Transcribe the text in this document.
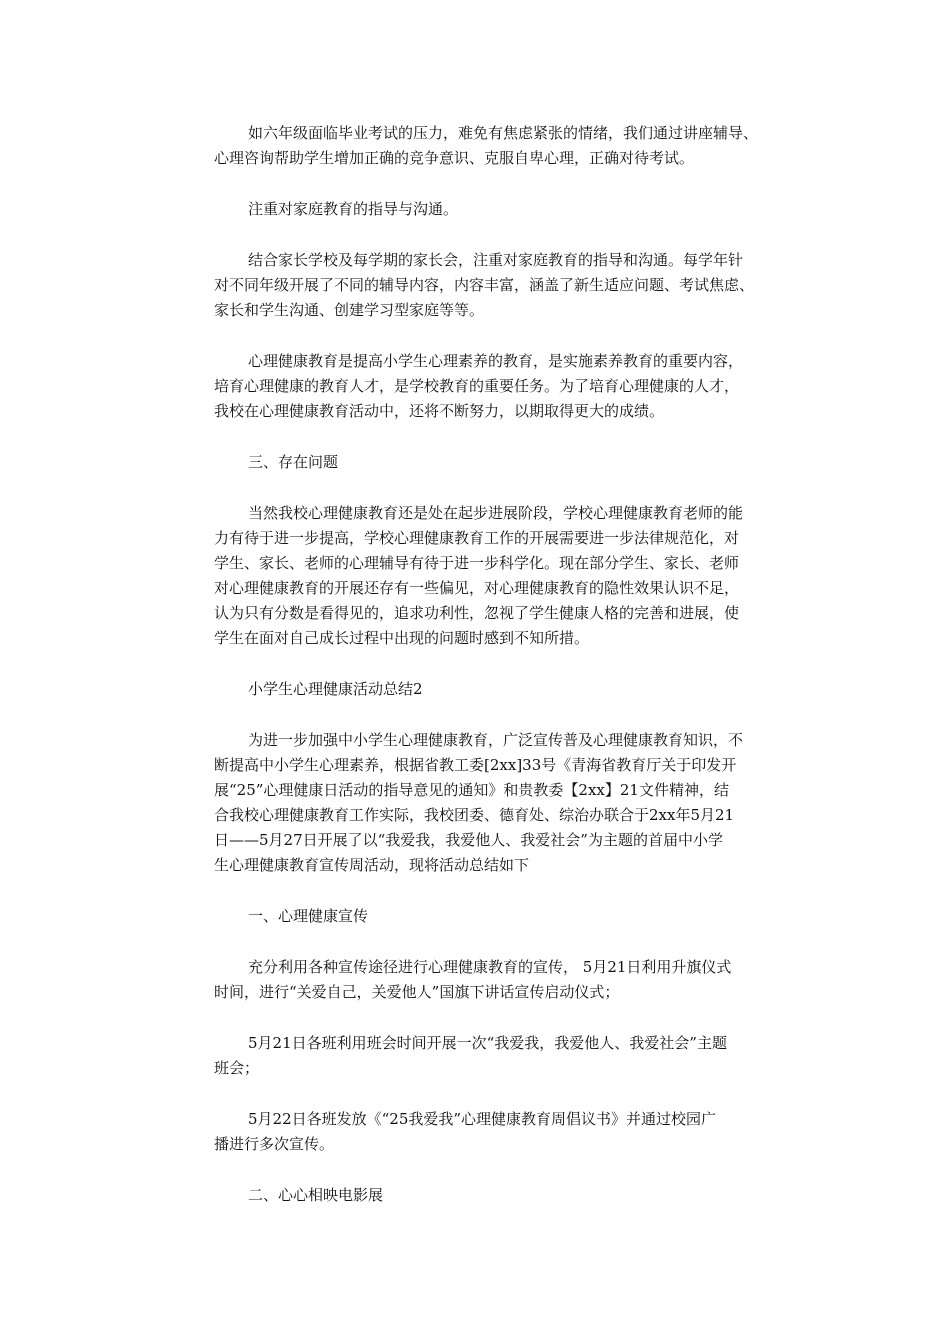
如六年级面临毕业考试的压力，难免有焦虑紧张的情绪，我们通过讲座辅导、
心理咨询帮助学生增加正确的竞争意识、克服自卑心理，正确对待考试。
注重对家庭教育的指导与沟通。
结合家长学校及每学期的家长会，注重对家庭教育的指导和沟通。每学年针
对不同年级开展了不同的辅导内容，内容丰富，涵盖了新生适应问题、考试焦虑、
家长和学生沟通、创建学习型家庭等等。
心理健康教育是提高小学生心理素养的教育，是实施素养教育的重要内容，
培育心理健康的教育人才，是学校教育的重要任务。为了培育心理健康的人才，
我校在心理健康教育活动中，还将不断努力，以期取得更大的成绩。
三、存在问题
当然我校心理健康教育还是处在起步进展阶段，学校心理健康教育老师的能
力有待于进一步提高，学校心理健康教育工作的开展需要进一步法律规范化，对
学生、家长、老师的心理辅导有待于进一步科学化。现在部分学生、家长、老师
对心理健康教育的开展还存有一些偏见，对心理健康教育的隐性效果认识不足，
认为只有分数是看得见的，追求功利性，忽视了学生健康人格的完善和进展，使
学生在面对自己成长过程中出现的问题时感到不知所措。
小学生心理健康活动总结2
为进一步加强中小学生心理健康教育，广泛宣传普及心理健康教育知识，不
断提高中小学生心理素养，根据省教工委[2xx]33号《青海省教育厅关于印发开
展“25”心理健康日活动的指导意见的通知》和贵教委【2xx】21文件精神，结
合我校心理健康教育工作实际，我校团委、德育处、综治办联合于2xx年5月21
日——5月27日开展了以“我爱我，我爱他人、我爱社会”为主题的首届中小学
生心理健康教育宣传周活动，现将活动总结如下
一、心理健康宣传
充分利用各种宣传途径进行心理健康教育的宣传， 5月21日利用升旗仪式
时间，进行“关爱自己，关爱他人”国旗下讲话宣传启动仪式；
5月21日各班利用班会时间开展一次“我爱我，我爱他人、我爱社会”主题
班会；
5月22日各班发放《“25我爱我”心理健康教育周倡议书》并通过校园广
播进行多次宣传。
二、心心相映电影展
